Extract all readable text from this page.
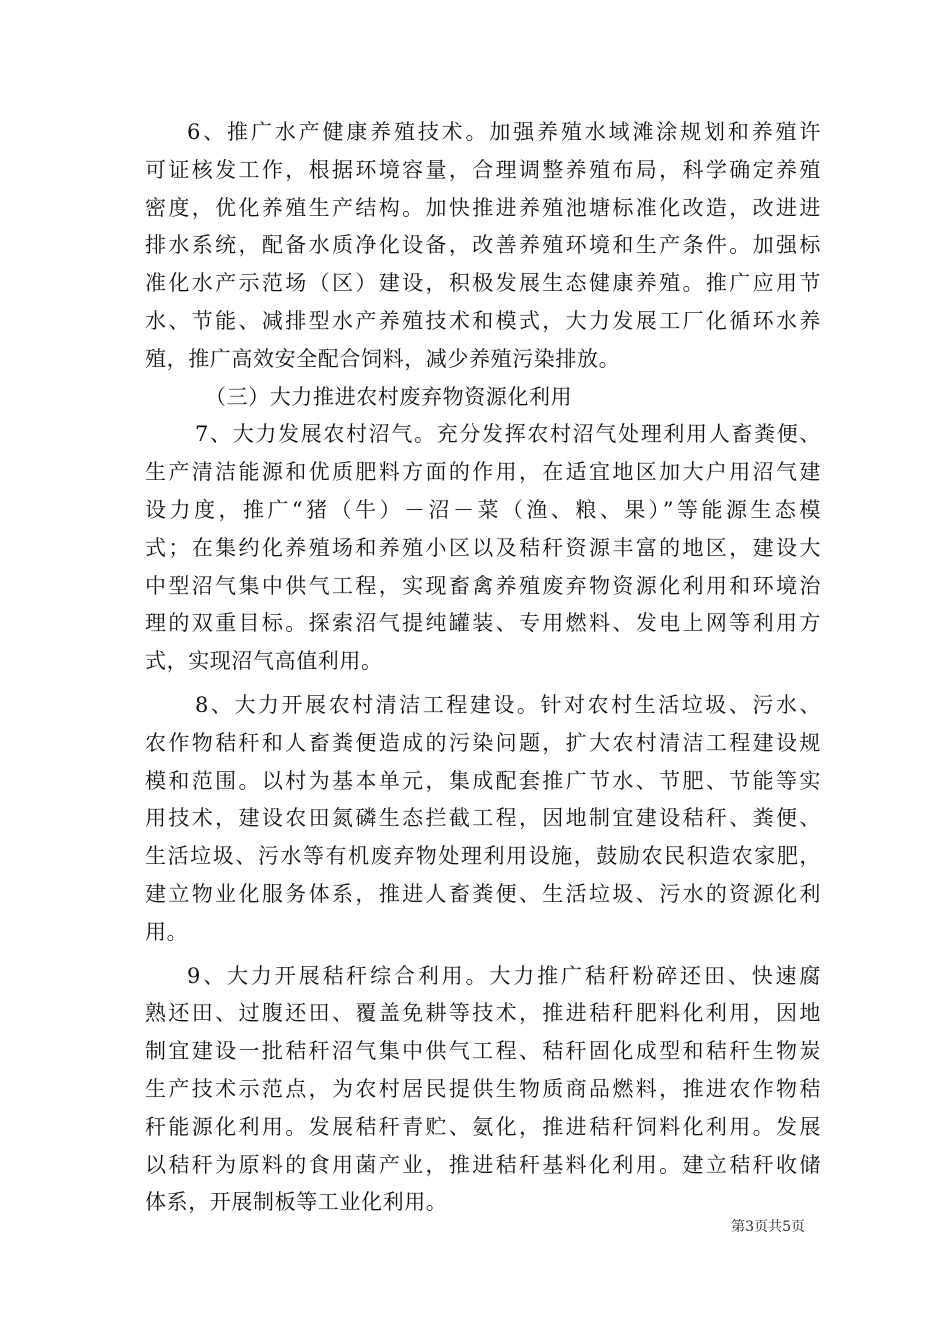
6、推广水产健康养殖技术。加强养殖水域滩涂规划和养殖许
可证核发工作，根据环境容量，合理调整养殖布局，科学确定养殖
密度，优化养殖生产结构。加快推进养殖池塘标准化改造，改进进
排水系统，配备水质净化设备，改善养殖环境和生产条件。加强标
准化水产示范场（区）建设，积极发展生态健康养殖。推广应用节
水、节能、减排型水产养殖技术和模式，大力发展工厂化循环水养
殖，推广高效安全配合饲料，减少养殖污染排放。
（三）大力推进农村废弃物资源化利用
7、大力发展农村沼气。充分发挥农村沼气处理利用人畜粪便、
生产清洁能源和优质肥料方面的作用，在适宜地区加大户用沼气建
设力度，推广“猪（牛）－沼－菜（渔、粮、果）”等能源生态模
式；在集约化养殖场和养殖小区以及秸秆资源丰富的地区，建设大
中型沼气集中供气工程，实现畜禽养殖废弃物资源化利用和环境治
理的双重目标。探索沼气提纯罐装、专用燃料、发电上网等利用方
式，实现沼气高值利用。
8、大力开展农村清洁工程建设。针对农村生活垃圾、污水、
农作物秸秆和人畜粪便造成的污染问题，扩大农村清洁工程建设规
模和范围。以村为基本单元，集成配套推广节水、节肥、节能等实
用技术，建设农田氮磷生态拦截工程，因地制宜建设秸秆、粪便、
生活垃圾、污水等有机废弃物处理利用设施，鼓励农民积造农家肥，
建立物业化服务体系，推进人畜粪便、生活垃圾、污水的资源化利
用。
9、大力开展秸秆综合利用。大力推广秸秆粉碎还田、快速腐
熟还田、过腹还田、覆盖免耕等技术，推进秸秆肥料化利用，因地
制宜建设一批秸秆沼气集中供气工程、秸秆固化成型和秸秆生物炭
生产技术示范点，为农村居民提供生物质商品燃料，推进农作物秸
秆能源化利用。发展秸秆青贮、氨化，推进秸秆饲料化利用。发展
以秸秆为原料的食用菌产业，推进秸秆基料化利用。建立秸秆收储
体系，开展制板等工业化利用。
第3页共5页
